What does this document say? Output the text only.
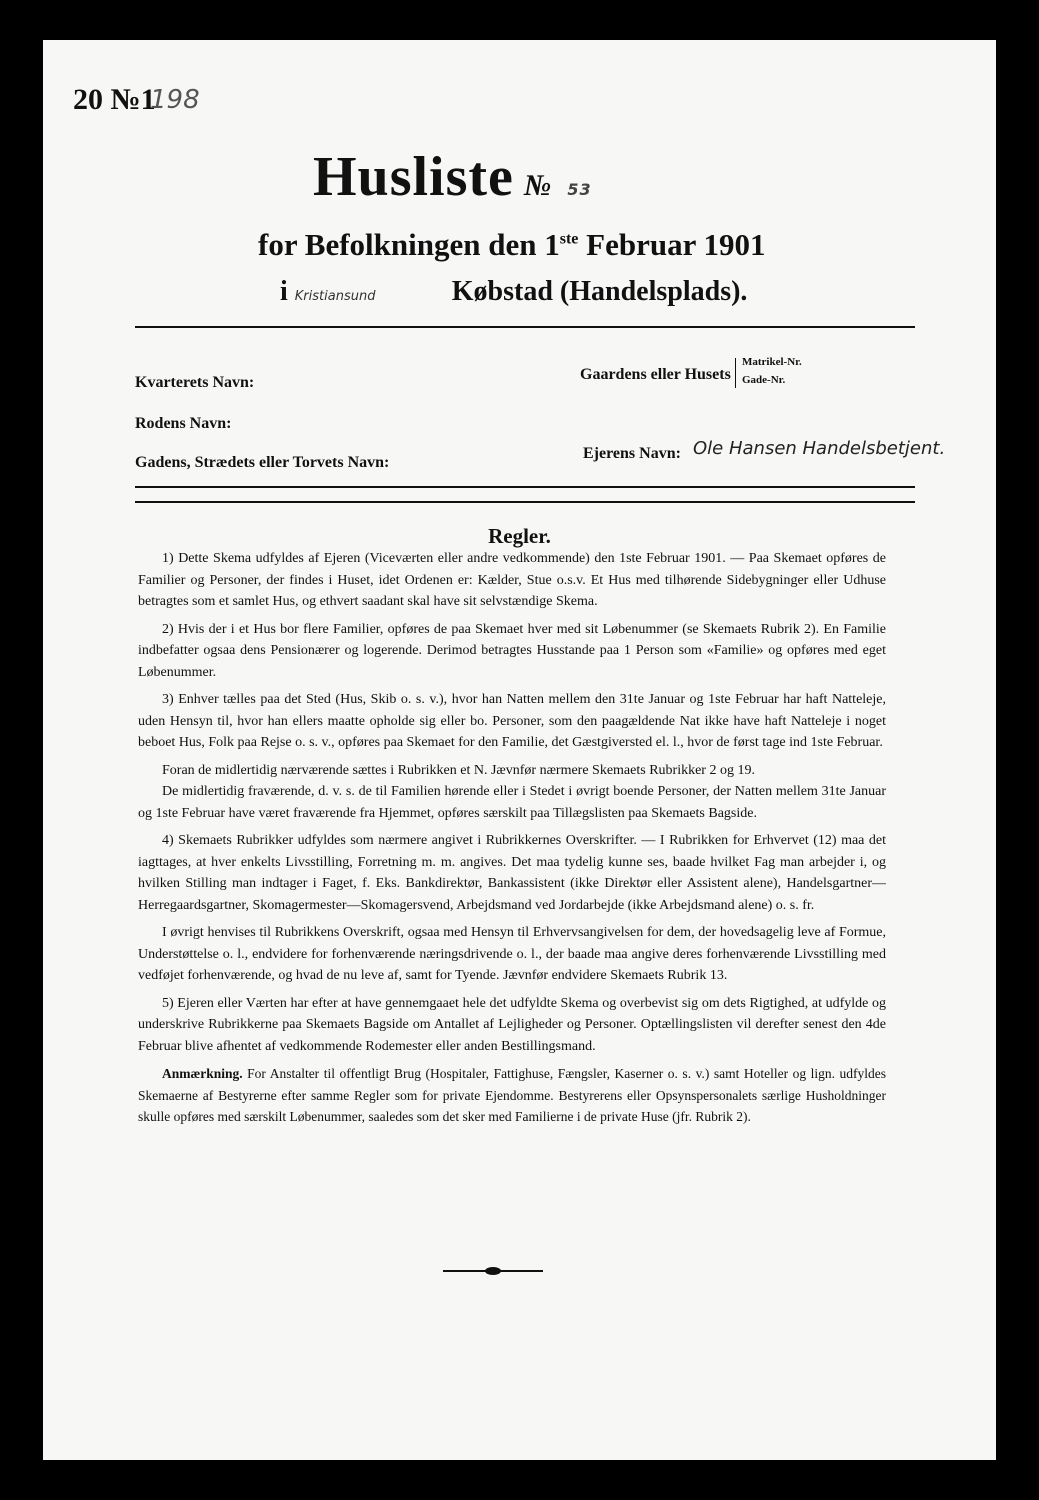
20 №1
198
Husliste № 53
for Befolkningen den 1ste Februar 1901
i Kristiansund	Købstad (Handelsplads).
Kvarterets Navn:
Rodens Navn:
Gadens, Strædets eller Torvets Navn:
Gaardens eller Husets
Matrikel-Nr.
Gade-Nr.
Ejerens Navn: Ole Hansen Handelsbetjent.
Regler.

1) Dette Skema udfyldes af Ejeren (Viceværten eller andre vedkommende) den 1ste Februar 1901. — Paa Skemaet opføres de Familier og Personer, der findes i Huset, idet Ordenen er: Kælder, Stue o.s.v. Et Hus med tilhørende Sidebygninger eller Udhuse betragtes som et samlet Hus, og ethvert saadant skal have sit selvstændige Skema.

2) Hvis der i et Hus bor flere Familier, opføres de paa Skemaet hver med sit Løbenummer (se Skemaets Rubrik 2). En Familie indbefatter ogsaa dens Pensionærer og logerende. Derimod betragtes Husstande paa 1 Person som «Familie» og opføres med eget Løbenummer.

3) Enhver tælles paa det Sted (Hus, Skib o. s. v.), hvor han Natten mellem den 31te Januar og 1ste Februar har haft Natteleje, uden Hensyn til, hvor han ellers maatte opholde sig eller bo. Personer, som den paagældende Nat ikke have haft Natteleje i noget beboet Hus, Folk paa Rejse o. s. v., opføres paa Skemaet for den Familie, det Gæstgiversted el. l., hvor de først tage ind 1ste Februar.

Foran de midlertidig nærværende sættes i Rubrikken et N. Jævnfør nærmere Skemaets Rubrikker 2 og 19.

De midlertidig fraværende, d. v. s. de til Familien hørende eller i Stedet i øvrigt boende Personer, der Natten mellem 31te Januar og 1ste Februar have været fraværende fra Hjemmet, opføres særskilt paa Tillægslisten paa Skemaets Bagside.

4) Skemaets Rubrikker udfyldes som nærmere angivet i Rubrikkernes Overskrifter. — I Rubrikken for Erhvervet (12) maa det iagttages, at hver enkelts Livsstilling, Forretning m. m. angives. Det maa tydelig kunne ses, baade hvilket Fag man arbejder i, og hvilken Stilling man indtager i Faget, f. Eks. Bankdirektør, Bankassistent (ikke Direktør eller Assistent alene), Handelsgartner—Herregaardsgartner, Skomagermester—Skomagersvend, Arbejdsmand ved Jordarbejde (ikke Arbejdsmand alene) o. s. fr.

I øvrigt henvises til Rubrikkens Overskrift, ogsaa med Hensyn til Erhvervsangivelsen for dem, der hovedsagelig leve af Formue, Understøttelse o. l., endvidere for forhenværende næringsdrivende o. l., der baade maa angive deres forhenværende Livsstilling med vedføjet forhenværende, og hvad de nu leve af, samt for Tyende. Jævnfør endvidere Skemaets Rubrik 13.

5) Ejeren eller Værten har efter at have gennemgaaet hele det udfyldte Skema og overbevist sig om dets Rigtighed, at udfylde og underskrive Rubrikkerne paa Skemaets Bagside om Antallet af Lejligheder og Personer. Optællingslisten vil derefter senest den 4de Februar blive afhentet af vedkommende Rodemester eller anden Bestillingsmand.

Anmærkning. For Anstalter til offentligt Brug (Hospitaler, Fattighuse, Fængsler, Kaserner o. s. v.) samt Hoteller og lign. udfyldes Skemaerne af Bestyrerne efter samme Regler som for private Ejendomme. Bestyrerens eller Opsynspersonalets særlige Husholdninger skulle opføres med særskilt Løbenummer, saaledes som det sker med Familierne i de private Huse (jfr. Rubrik 2).
